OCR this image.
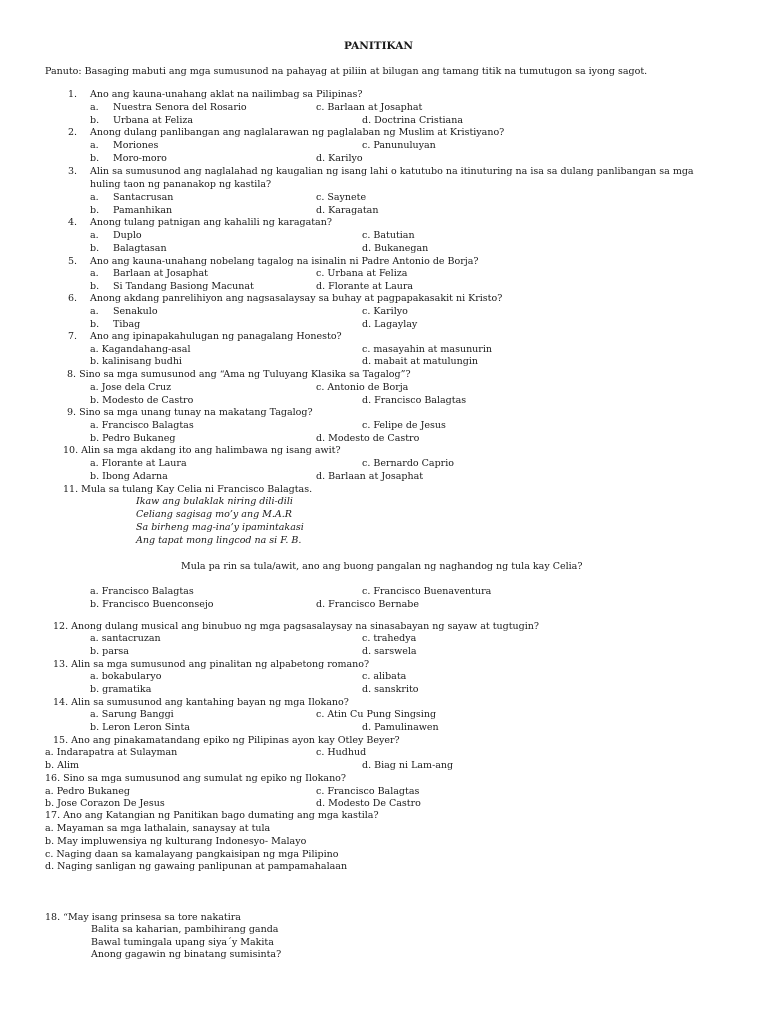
PANITIKAN
Panuto: Basaging mabuti ang mga sumusunod na pahayag at piliin at bilugan ang tamang titik na tumutugon sa iyong sagot.
1. Ano ang kauna-unahang aklat na nailimbag sa Pilipinas?
a. Nuestra Senora del Rosario	c. Barlaan at Josaphat
b. Urbana at Feliza	d. Doctrina Cristiana
2. Anong dulang panlibangan ang naglalarawan ng paglalaban ng Muslim at Kristiyano?
a. Moriones	c. Panunuluyan
b. Moro-moro	d. Karilyo
3. Alin sa sumusunod ang naglalahad ng kaugalian ng isang lahi o katutubo na itinuturing na isa sa dulang panlibangan sa mga
huling taon ng pananakop ng kastila?
a. Santacrusan	c. Saynete
b. Pamanhikan	d. Karagatan
4. Anong tulang patnigan ang kahalili ng karagatan?
a. Duplo	c. Batutian
b. Balagtasan	d. Bukanegan
5. Ano ang kauna-unahang nobelang tagalog na isinalin ni Padre Antonio de Borja?
a. Barlaan at Josaphat	c. Urbana at Feliza
b. Si Tandang Basiong Macunat	d. Florante at Laura
6. Anong akdang panrelihiyon ang nagsasalaysay sa buhay at pagpapakasakit ni Kristo?
a. Senakulo	c. Karilyo
b. Tibag	d. Lagaylay
7. Ano ang ipinapakahulugan ng panagalang Honesto?
a. Kagandahang-asal	c. masayahin at masunurin
b. kalinisang budhi	d. mabait at matulungin
8. Sino sa mga sumusunod ang “Ama ng Tuluyang Klasika sa Tagalog”?
a. Jose dela Cruz	c. Antonio de Borja
b. Modesto de Castro	d. Francisco Balagtas
9. Sino sa mga unang tunay na makatang Tagalog?
a. Francisco Balagtas	c. Felipe de Jesus
b. Pedro Bukaneg	d. Modesto de Castro
10. Alin sa mga akdang ito ang halimbawa ng isang awit?
a. Florante at Laura	c. Bernardo Caprio
b. Ibong Adarna	d. Barlaan at Josaphat
11. Mula sa tulang Kay Celia ni Francisco Balagtas.
Ikaw ang bulaklak niring dili-dili
Celiang sagisag mo’y ang M.A.R
Sa birheng mag-ina’y ipamintakasi
Ang tapat mong lingcod na si F. B.
Mula pa rin sa tula/awit, ano ang buong pangalan ng naghandog ng tula kay Celia?
a. Francisco Balagtas	c. Francisco Buenaventura
b. Francisco Buenconsejo	d. Francisco Bernabe
12. Anong dulang musical ang binubuo ng mga pagsasalaysay na sinasabayan ng sayaw at tugtugin?
a. santacruzan	c. trahedya
b. parsa	d. sarswela
13. Alin sa mga sumusunod ang pinalitan ng alpabetong romano?
a. bokabularyo	c. alibata
b. gramatika	d. sanskrito
14. Alin sa sumusunod ang kantahing bayan ng mga Ilokano?
a. Sarung Banggi	c. Atin Cu Pung Singsing
b. Leron Leron Sinta	d. Pamulinawen
15. Ano ang pinakamatandang epiko ng Pilipinas ayon kay Otley Beyer?
a. Indarapatra at Sulayman	c. Hudhud
b. Alim	d. Biag ni Lam-ang
16. Sino sa mga sumusunod ang sumulat ng epiko ng Ilokano?
a. Pedro Bukaneg	c. Francisco Balagtas
b. Jose Corazon De Jesus	d. Modesto De Castro
17. Ano ang Katangian ng Panitikan bago dumating ang mga kastila?
a. Mayaman sa mga lathalain, sanaysay at tula
b. May impluwensiya ng kulturang Indonesyo- Malayo
c. Naging daan sa kamalayang pangkaisipan ng mga Pilipino
d. Naging sanligan ng gawaing panlipunan at pampamahalaan
18. “May isang prinsesa sa tore nakatira
Balita sa kaharian, pambihirang ganda
Bawal tumingala upang siya´y Makita
Anong gagawin ng binatang sumisinta?
